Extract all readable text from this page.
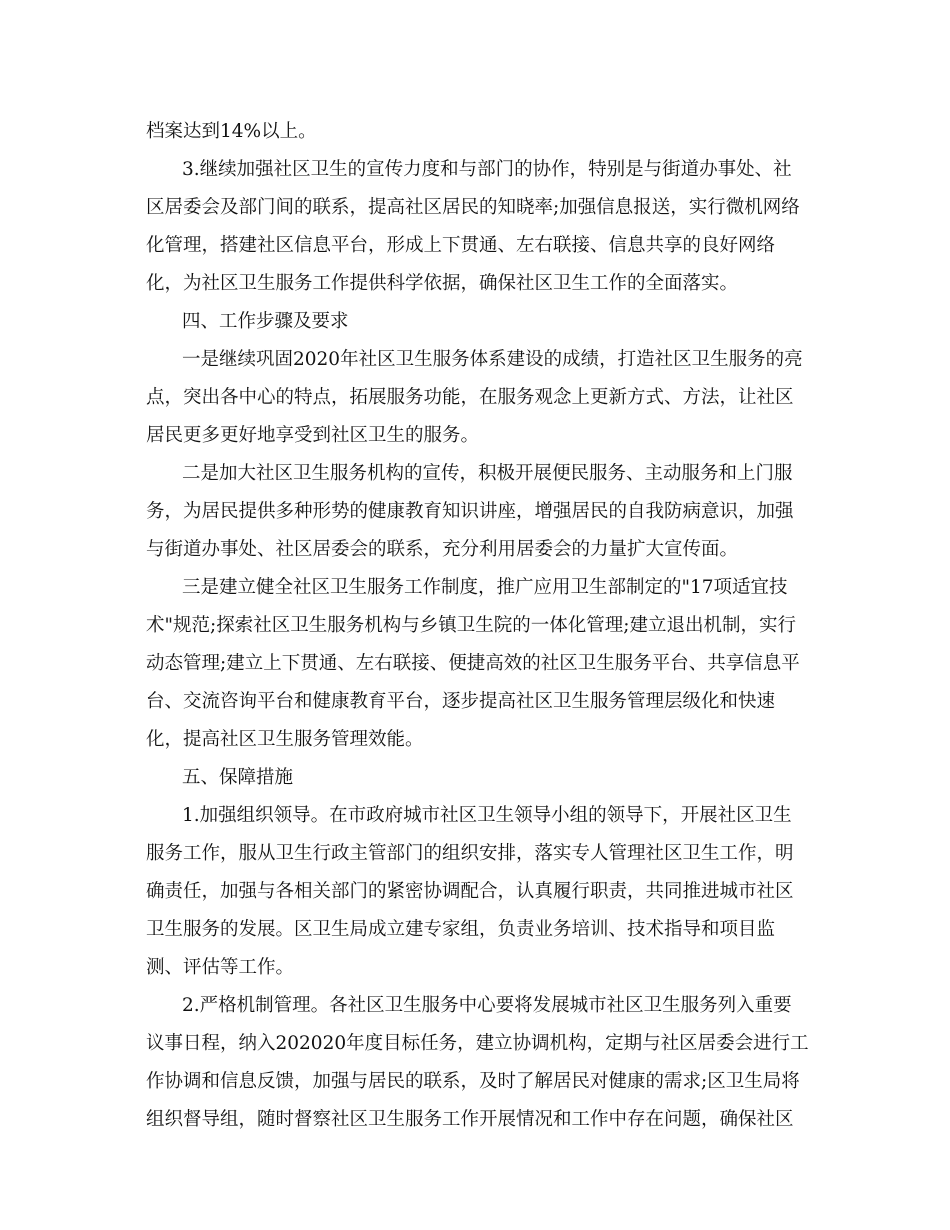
档案达到14%以上。
3.继续加强社区卫生的宣传力度和与部门的协作，特别是与街道办事处、社
区居委会及部门间的联系，提高社区居民的知晓率;加强信息报送，实行微机网络
化管理，搭建社区信息平台，形成上下贯通、左右联接、信息共享的良好网络
化，为社区卫生服务工作提供科学依据，确保社区卫生工作的全面落实。
四、工作步骤及要求
一是继续巩固2020年社区卫生服务体系建设的成绩，打造社区卫生服务的亮
点，突出各中心的特点，拓展服务功能，在服务观念上更新方式、方法，让社区
居民更多更好地享受到社区卫生的服务。
二是加大社区卫生服务机构的宣传，积极开展便民服务、主动服务和上门服
务，为居民提供多种形势的健康教育知识讲座，增强居民的自我防病意识，加强
与街道办事处、社区居委会的联系，充分利用居委会的力量扩大宣传面。
三是建立健全社区卫生服务工作制度，推广应用卫生部制定的"17项适宜技
术"规范;探索社区卫生服务机构与乡镇卫生院的一体化管理;建立退出机制，实行
动态管理;建立上下贯通、左右联接、便捷高效的社区卫生服务平台、共享信息平
台、交流咨询平台和健康教育平台，逐步提高社区卫生服务管理层级化和快速
化，提高社区卫生服务管理效能。
五、保障措施
1.加强组织领导。在市政府城市社区卫生领导小组的领导下，开展社区卫生
服务工作，服从卫生行政主管部门的组织安排，落实专人管理社区卫生工作，明
确责任，加强与各相关部门的紧密协调配合，认真履行职责，共同推进城市社区
卫生服务的发展。区卫生局成立建专家组，负责业务培训、技术指导和项目监
测、评估等工作。
2.严格机制管理。各社区卫生服务中心要将发展城市社区卫生服务列入重要
议事日程，纳入202020年度目标任务，建立协调机构，定期与社区居委会进行工
作协调和信息反馈，加强与居民的联系，及时了解居民对健康的需求;区卫生局将
组织督导组，随时督察社区卫生服务工作开展情况和工作中存在问题，确保社区
